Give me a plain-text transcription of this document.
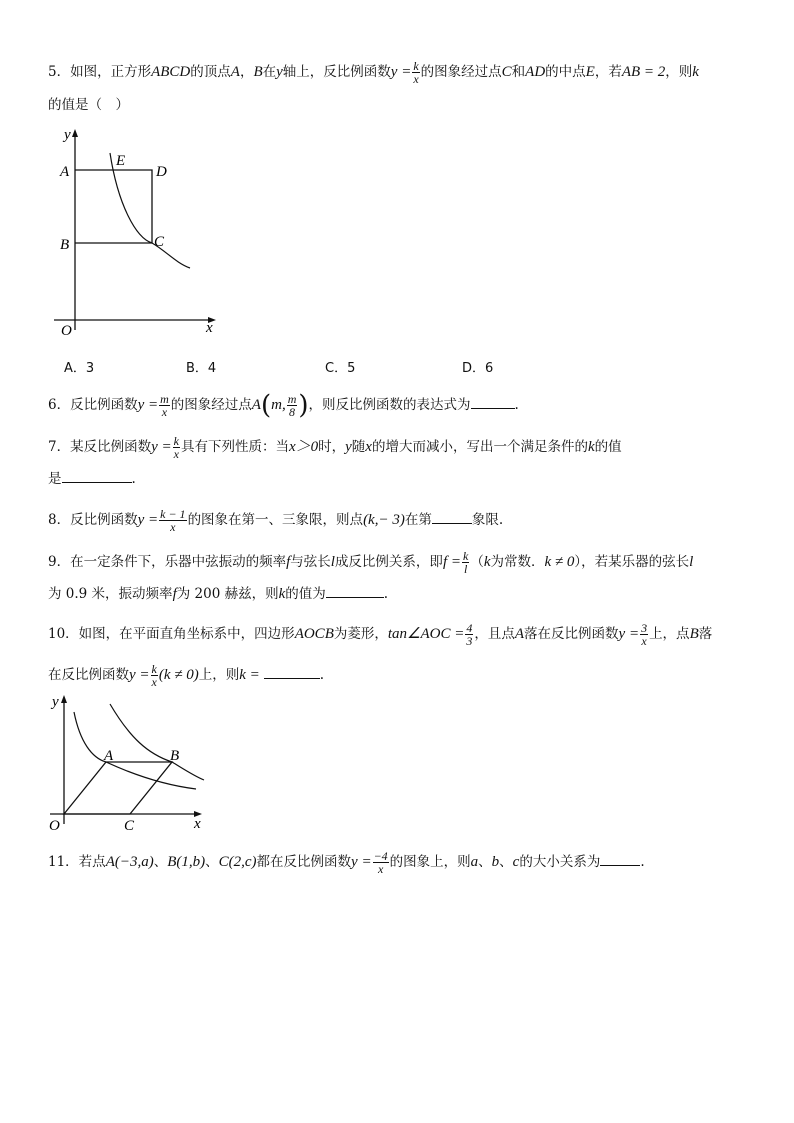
5．如图，正方形ABCD的顶点A，B在y轴上，反比例函数$y = \frac{k}{x}$ 的图象经过点C和AD的中点E，若AB = 2，则k
的值是（　）
y
A
E
D
B	C
O	x
A．3	B．4	C．5	D．6
6．反比例函数$y = \frac{m}{x}$ 的图象经过点A(m, $\frac{m}{8}$ )，则反比例函数的表达式为	.
7．某反比例函数$y = \frac{k}{x}$ 具有下列性质：当x＞0时，y随x的增大而减小，写出一个满足条件的k的值
是	.
8．反比例函数$y = \frac{k - 1}{x}$ 的图象在第一、三象限，则点(k,− 3)在第	象限.
9．在一定条件下，乐器中弦振动的频率f与弦长l成反比例关系，即$f = \frac{k}{l} (k$为常数．k ≠ 0），若某乐器的弦长l
为 0.9 米，振动频率f为 200 赫兹，则k的值为	.
10．如图，在平面直角坐标系中，四边形AOCB为菱形，tan∠AOC = $\frac{4}{3}$ ，且点A落在反比例函数$y = \frac{3}{x}$ 上，点B落
在反比例函数$y = \frac{k}{x} (k \ne 0)$上，则k =	.
y
A	B
O	C	x
11．若点A(−3,a)、B(1,b)、C(2,c)都在反比例函数$y = \frac{-4}{x}$ 的图象上，则a、b、c的大小关系为	.
